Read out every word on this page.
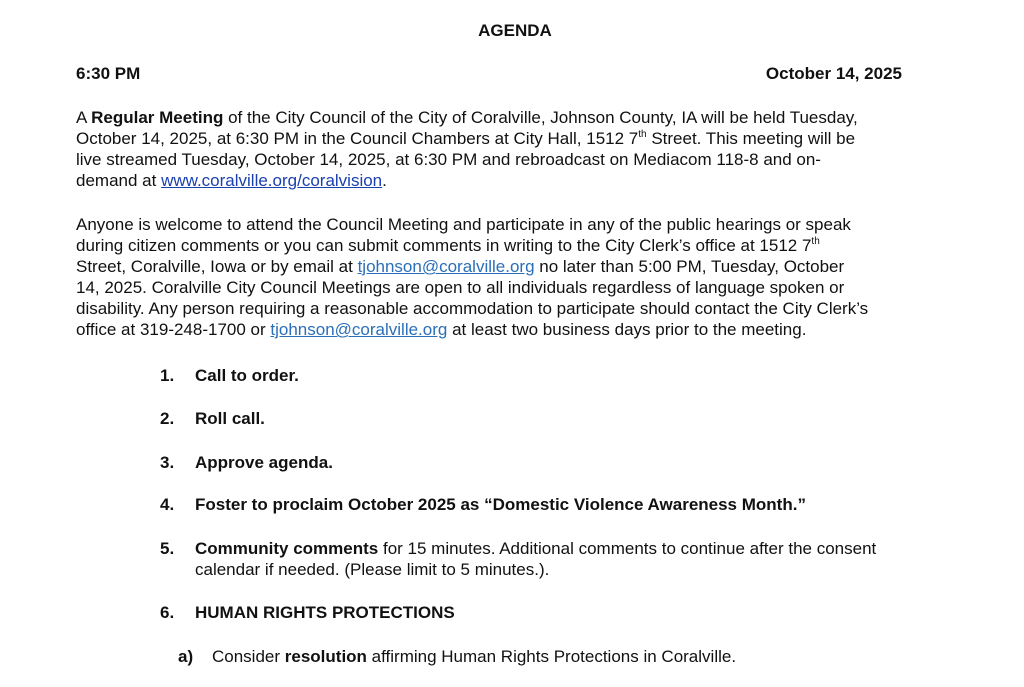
AGENDA
6:30 PM	October 14, 2025
A Regular Meeting of the City Council of the City of Coralville, Johnson County, IA will be held Tuesday,
October 14, 2025, at 6:30 PM in the Council Chambers at City Hall, 1512 7th Street. This meeting will be
live streamed Tuesday, October 14, 2025, at 6:30 PM and rebroadcast on Mediacom 118-8 and on-
demand at www.coralville.org/coralvision.
Anyone is welcome to attend the Council Meeting and participate in any of the public hearings or speak
during citizen comments or you can submit comments in writing to the City Clerk’s office at 1512 7th
Street, Coralville, Iowa or by email at tjohnson@coralville.org no later than 5:00 PM, Tuesday, October
14, 2025. Coralville City Council Meetings are open to all individuals regardless of language spoken or
disability. Any person requiring a reasonable accommodation to participate should contact the City Clerk’s
office at 319-248-1700 or tjohnson@coralville.org at least two business days prior to the meeting.
1. Call to order.
2. Roll call.
3. Approve agenda.
4. Foster to proclaim October 2025 as “Domestic Violence Awareness Month.”
5. Community comments for 15 minutes. Additional comments to continue after the consent
calendar if needed. (Please limit to 5 minutes.).
6. HUMAN RIGHTS PROTECTIONS
a) Consider resolution affirming Human Rights Protections in Coralville.
